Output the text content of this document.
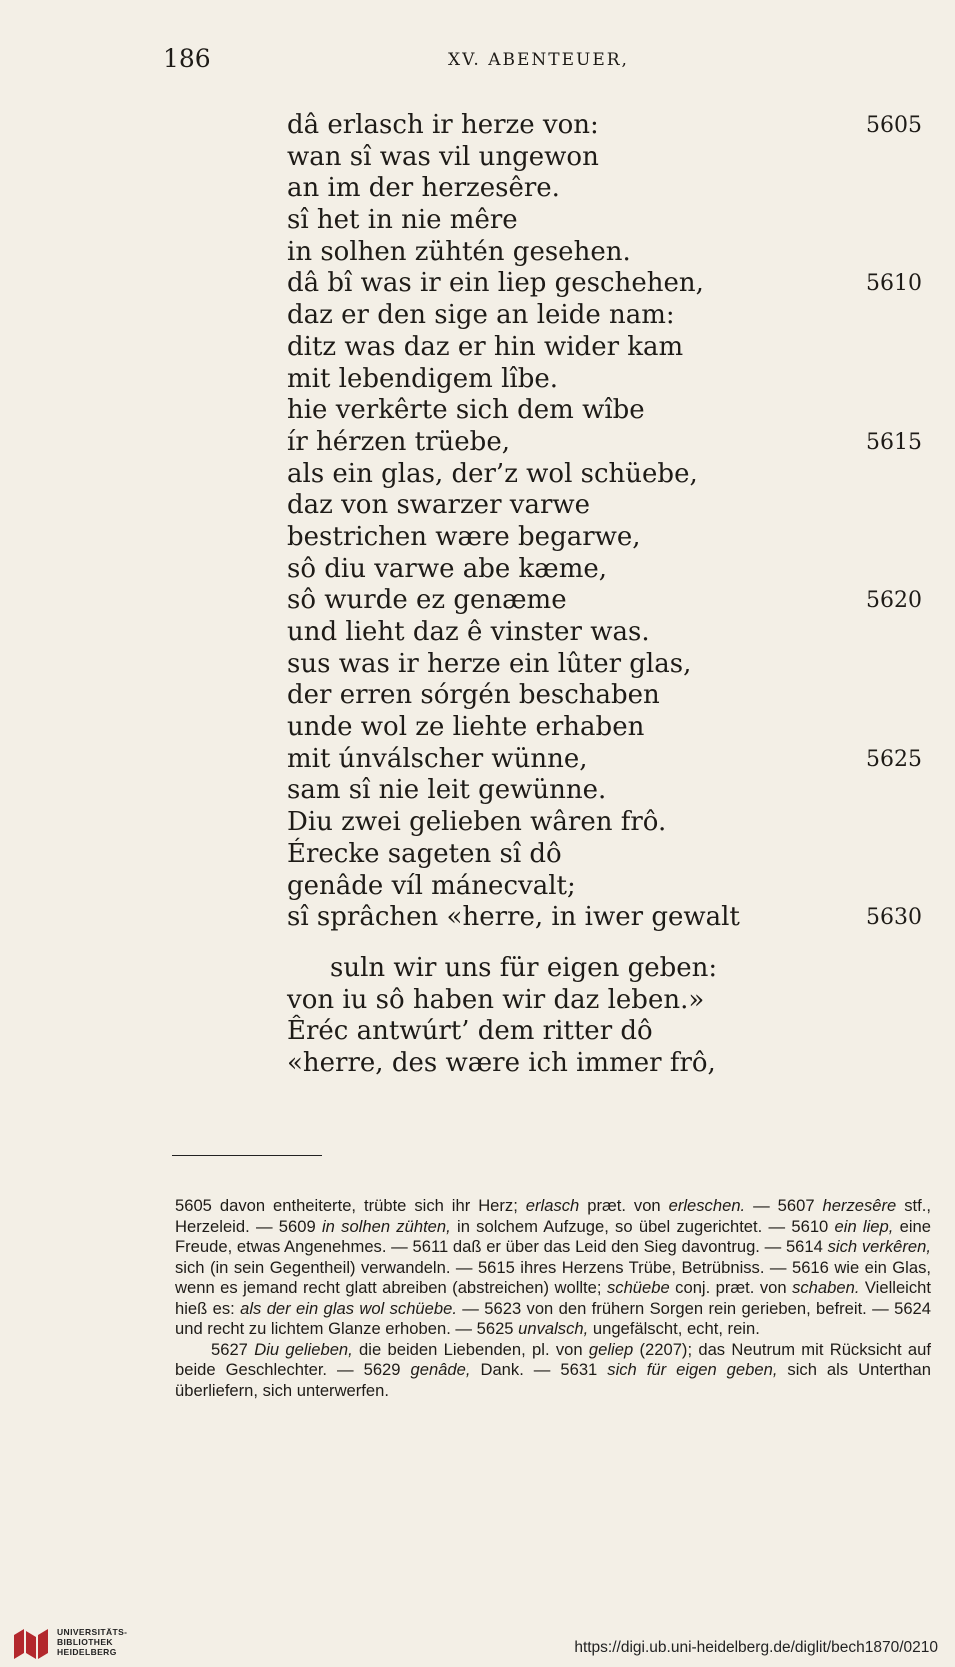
186	XV. ABENTEUER,
dâ erlasch ir herze von:	5605
wan sî was vil ungewon
an im der herzesêre.
sî het in nie mêre
in solhen zühtén gesehen.
dâ bî was ir ein liep geschehen,	5610
daz er den sige an leide nam:
ditz was daz er hin wider kam
mit lebendigem lîbe.
hie verkêrte sich dem wîbe
ír hérzen trüebe,	5615
als ein glas, der’z wol schüebe,
daz von swarzer varwe
bestrichen wære begarwe,
sô diu varwe abe kæme,
sô wurde ez genæme	5620
und lieht daz ê vinster was.
sus was ir herze ein lûter glas,
der erren sórgén beschaben
unde wol ze liehte erhaben
mit únválscher wünne,	5625
sam sî nie leit gewünne.
Diu zwei gelieben wâren frô.
Érecke sageten sî dô
genâde víl mánecvalt;
sî sprâchen «herre, in iwer gewalt	5630
suln wir uns für eigen geben:
von iu sô haben wir daz leben.»
Êréc antwúrt’ dem ritter dô
«herre, des wære ich immer frô,

5605 davon entheiterte, trübte sich ihr Herz; erlasch præt. von erleschen. — 5607 herzesêre stf., Herzeleid. — 5609 in solhen zühten, in solchem Aufzuge, so übel zugerichtet. — 5610 ein liep, eine Freude, etwas Angenehmes. — 5611 daß er über das Leid den Sieg davontrug. — 5614 sich verkêren, sich (in sein Gegentheil) verwandeln. — 5615 ihres Herzens Trübe, Betrübniss. — 5616 wie ein Glas, wenn es jemand recht glatt abreiben (abstreichen) wollte; schüebe conj. præt. von schaben. Vielleicht hieß es: als der ein glas wol schüebe. — 5623 von den frühern Sorgen rein gerieben, befreit. — 5624 und recht zu lichtem Glanze erhoben. — 5625 unvalsch, ungefälscht, echt, rein.

5627 Diu gelieben, die beiden Liebenden, pl. von geliep (2207); das Neutrum mit Rücksicht auf beide Geschlechter. — 5629 genâde, Dank. — 5631 sich für eigen geben, sich als Unterthan überliefern, sich unterwerfen.

UNIVERSITÄTS-
BIBLIOTHEK
HEIDELBERG	https://digi.ub.uni-heidelberg.de/diglit/bech1870/0210
